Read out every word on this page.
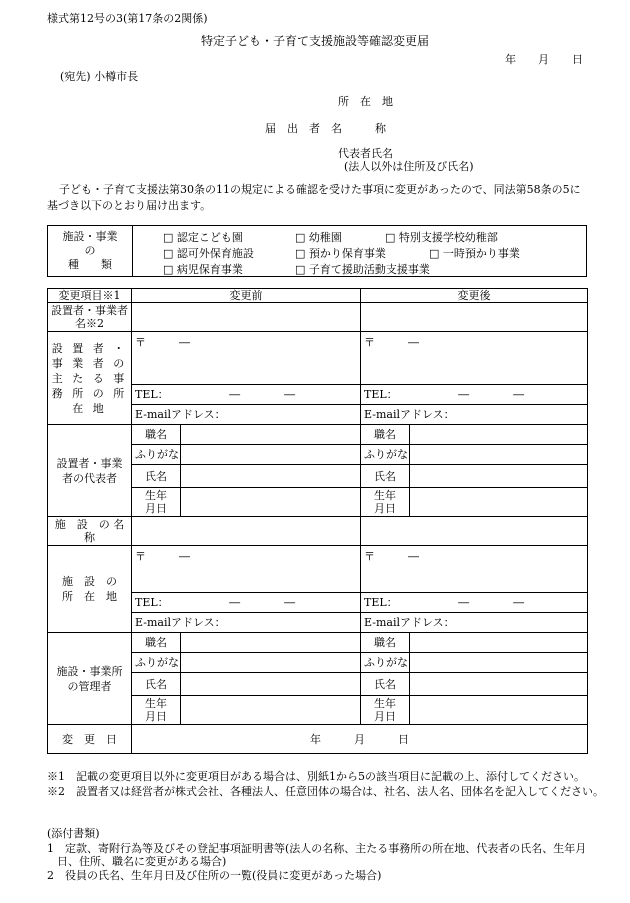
様式第12号の3(第17条の2関係)
特定子ども・子育て支援施設等確認変更届
年 月 日
(宛先) 小樽市長
所　在　地
届　出　者　名　　　称
代表者氏名
(法人以外は住所及び氏名)
子ども・子育て支援法第30条の11の規定による確認を受けた事項に変更があったので、同法第58条の5に基づき以下のとおり届け出ます。
施設・事業
の
種　　類

□ 認定こども園	□ 幼稚園	□ 特別支援学校幼稚部
□ 認可外保育施設	□ 預かり保育事業	□ 一時預かり事業
□ 病児保育事業	□ 子育て援助活動支援事業
変更項目※1	変更前		変更後	
設置者・事業者名※2				
設 置 者 ・ 事 業 者 の 主 た る 事 務 所 の 所 在 地	〒　　　―		〒　　　―	
	TEL：　　　　　　―　　　　―		TEL：　　　　　　―　　　　―	
	E-mailアドレス：		E-mailアドレス：	
設置者・事業者の代表者	職名		職名	
	ふりがな		ふりがな	
	氏名		氏名	
	生年月日		生年月日	
施　設　の 名　　称				
施　設　の 所　在　地	〒　　　―		〒　　　―	
	TEL：　　　　　　―　　　　―		TEL：　　　　　　―　　　　―	
	E-mailアドレス：		E-mailアドレス：	
施設・事業所の管理者	職名		職名	
	ふりがな		ふりがな	
	氏名		氏名	
	生年月日		生年月日	
変　更　日	年　　　月　　　日			
※1　記載の変更項目以外に変更項目がある場合は、別紙1から5の該当項目に記載の上、添付してください。
※2　設置者又は経営者が株式会社、各種法人、任意団体の場合は、社名、法人名、団体名を記入してください。
(添付書類)
1　定款、寄附行為等及びその登記事項証明書等(法人の名称、主たる事務所の所在地、代表者の氏名、生年月日、住所、職名に変更がある場合)
2　役員の氏名、生年月日及び住所の一覧(役員に変更があった場合)
